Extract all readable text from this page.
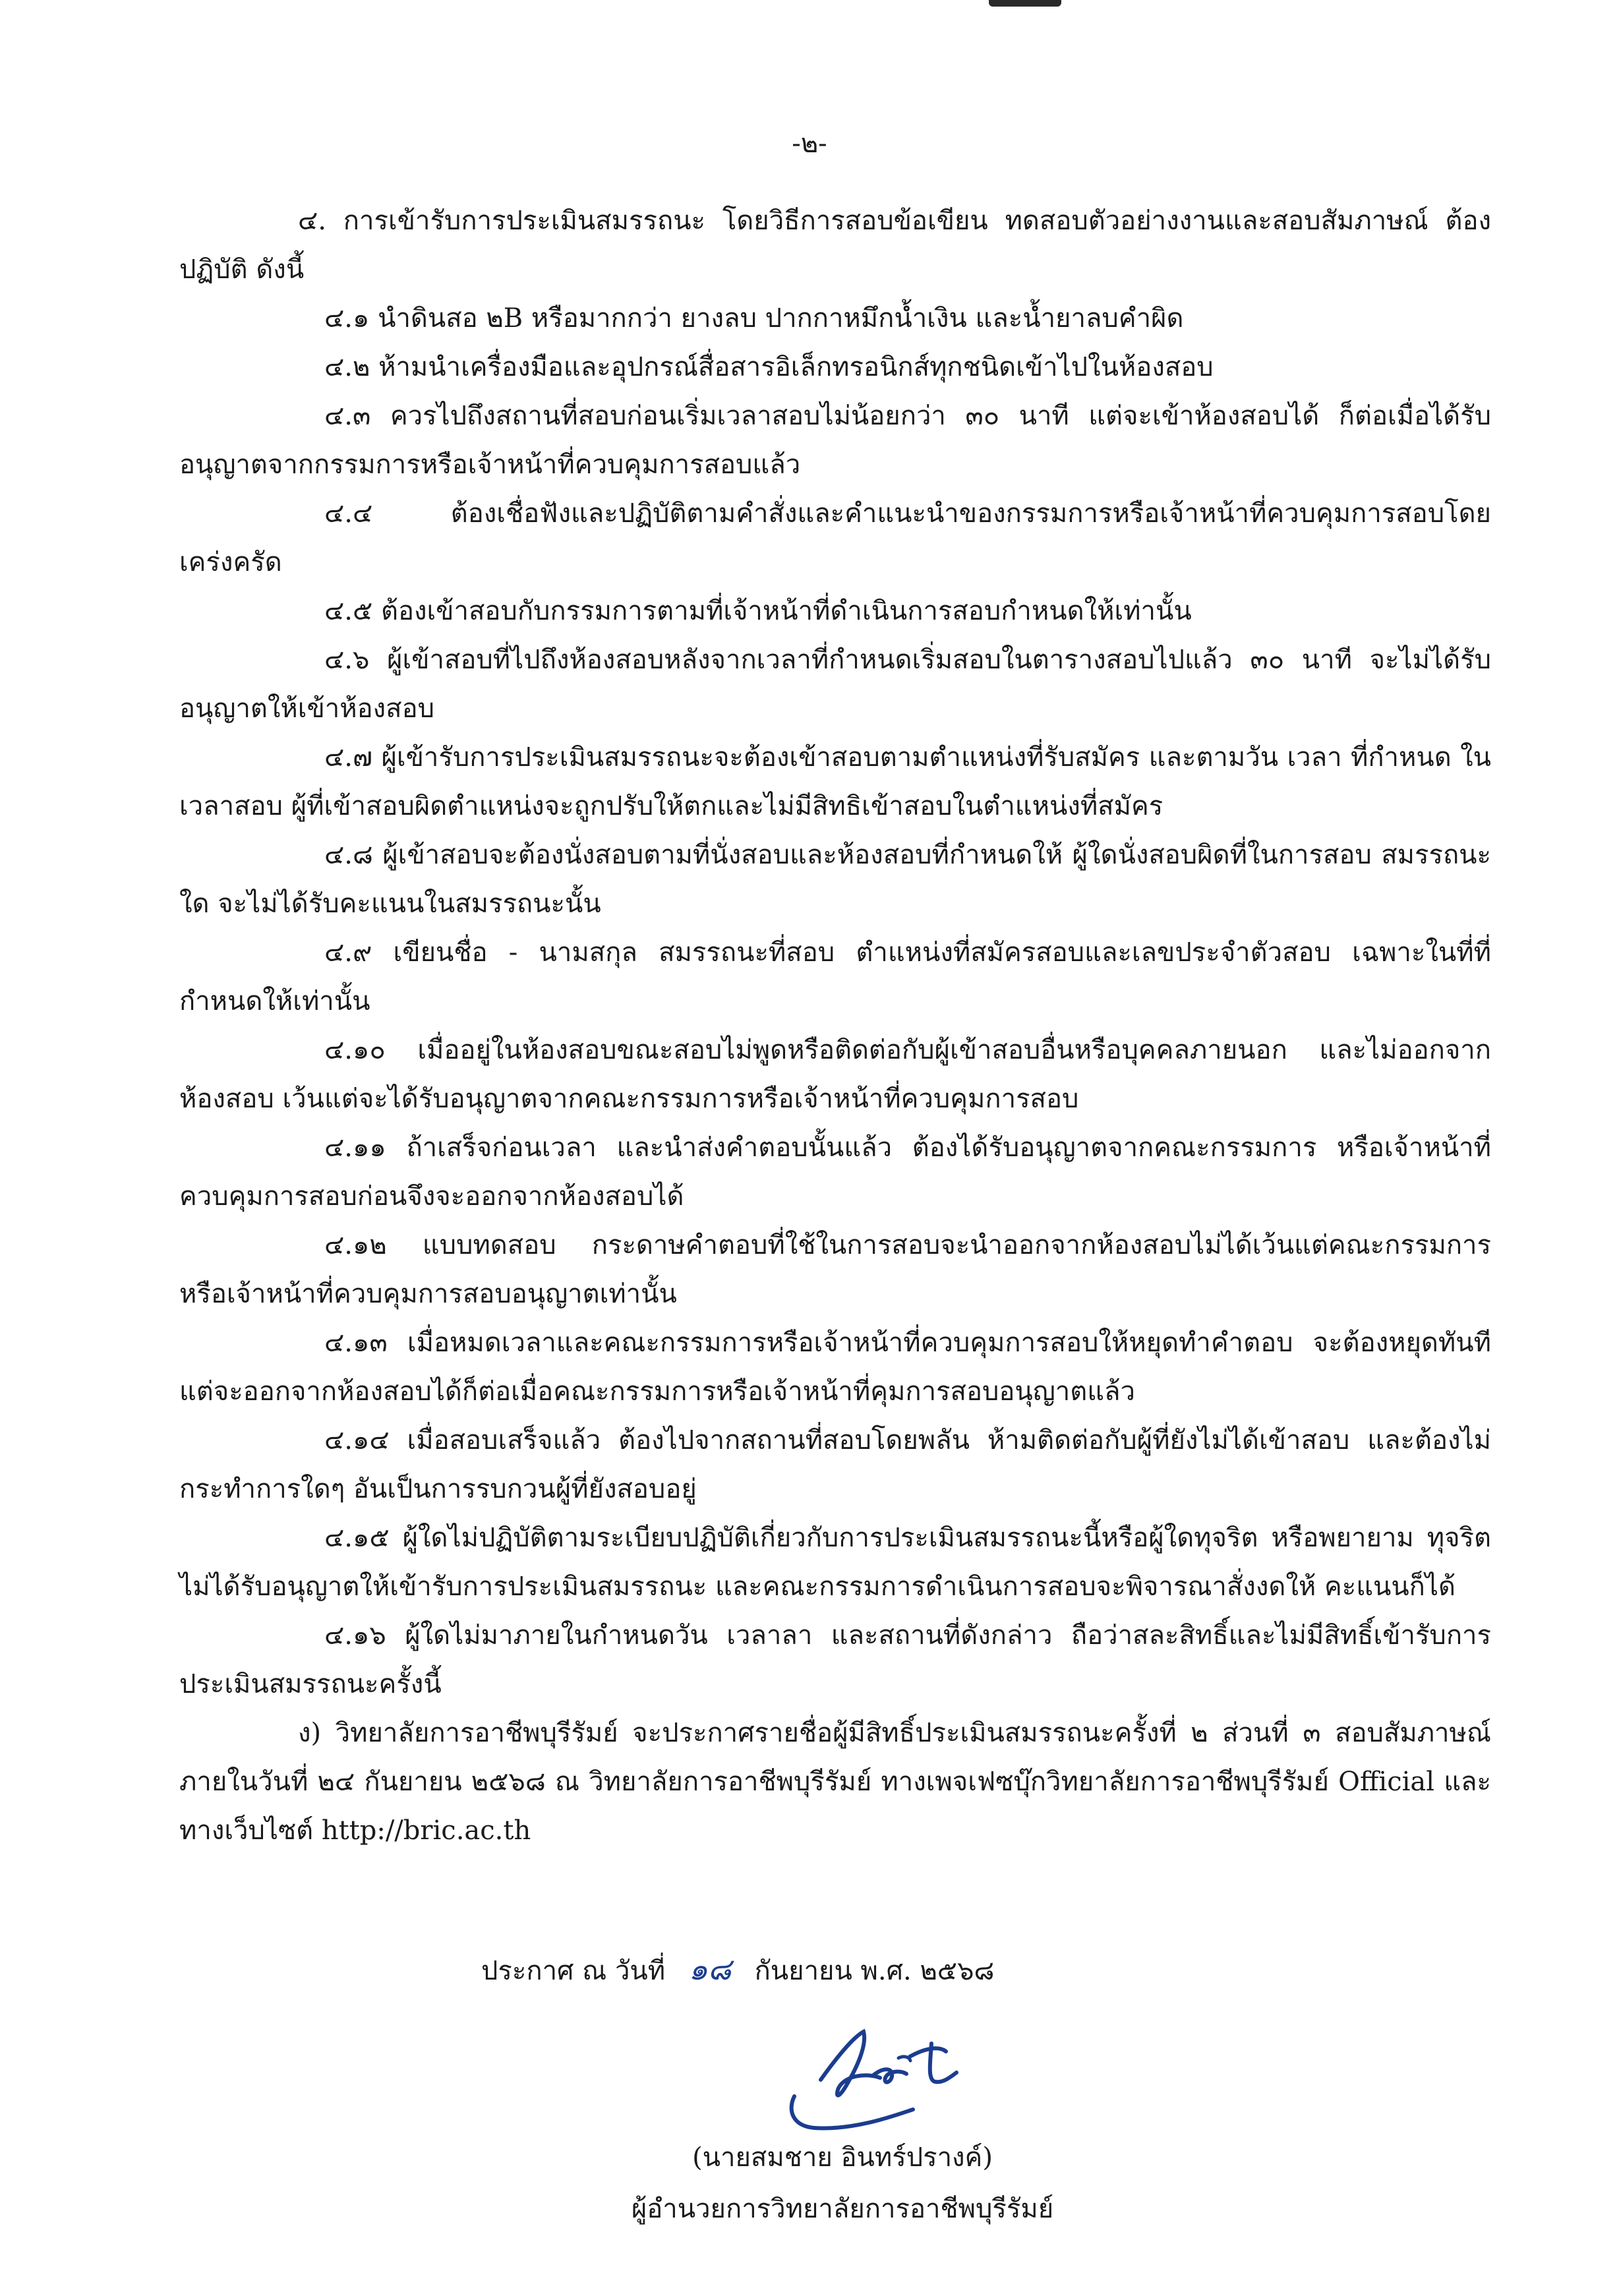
-๒-

๔. การเข้ารับการประเมินสมรรถนะ โดยวิธีการสอบข้อเขียน ทดสอบตัวอย่างงานและสอบสัมภาษณ์ ต้องปฏิบัติ ดังนี้

๔.๑ นำดินสอ ๒B หรือมากกว่า ยางลบ ปากกาหมึกน้ำเงิน และน้ำยาลบคำผิด

๔.๒ ห้ามนำเครื่องมือและอุปกรณ์สื่อสารอิเล็กทรอนิกส์ทุกชนิดเข้าไปในห้องสอบ

๔.๓ ควรไปถึงสถานที่สอบก่อนเริ่มเวลาสอบไม่น้อยกว่า ๓๐ นาที แต่จะเข้าห้องสอบได้ ก็ต่อเมื่อได้รับ อนุญาตจากกรรมการหรือเจ้าหน้าที่ควบคุมการสอบแล้ว

๔.๔ ต้องเชื่อฟังและปฏิบัติตามคำสั่งและคำแนะนำของกรรมการหรือเจ้าหน้าที่ควบคุมการสอบโดย เคร่งครัด

๔.๕ ต้องเข้าสอบกับกรรมการตามที่เจ้าหน้าที่ดำเนินการสอบกำหนดให้เท่านั้น

๔.๖ ผู้เข้าสอบที่ไปถึงห้องสอบหลังจากเวลาที่กำหนดเริ่มสอบในตารางสอบไปแล้ว ๓๐ นาที จะไม่ได้รับ อนุญาตให้เข้าห้องสอบ

๔.๗ ผู้เข้ารับการประเมินสมรรถนะจะต้องเข้าสอบตามตำแหน่งที่รับสมัคร และตามวัน เวลา ที่กำหนด ในเวลาสอบ ผู้ที่เข้าสอบผิดตำแหน่งจะถูกปรับให้ตกและไม่มีสิทธิเข้าสอบในตำแหน่งที่สมัคร

๔.๘ ผู้เข้าสอบจะต้องนั่งสอบตามที่นั่งสอบและห้องสอบที่กำหนดให้ ผู้ใดนั่งสอบผิดที่ในการสอบ สมรรถนะใด จะไม่ได้รับคะแนนในสมรรถนะนั้น

๔.๙ เขียนชื่อ - นามสกุล สมรรถนะที่สอบ ตำแหน่งที่สมัครสอบและเลขประจำตัวสอบ เฉพาะในที่ที่ กำหนดให้เท่านั้น

๔.๑๐ เมื่ออยู่ในห้องสอบขณะสอบไม่พูดหรือติดต่อกับผู้เข้าสอบอื่นหรือบุคคลภายนอก และไม่ออกจาก ห้องสอบ เว้นแต่จะได้รับอนุญาตจากคณะกรรมการหรือเจ้าหน้าที่ควบคุมการสอบ

๔.๑๑ ถ้าเสร็จก่อนเวลา และนำส่งคำตอบนั้นแล้ว ต้องได้รับอนุญาตจากคณะกรรมการ หรือเจ้าหน้าที่ ควบคุมการสอบก่อนจึงจะออกจากห้องสอบได้

๔.๑๒ แบบทดสอบ กระดาษคำตอบที่ใช้ในการสอบจะนำออกจากห้องสอบไม่ได้เว้นแต่คณะกรรมการ หรือเจ้าหน้าที่ควบคุมการสอบอนุญาตเท่านั้น

๔.๑๓ เมื่อหมดเวลาและคณะกรรมการหรือเจ้าหน้าที่ควบคุมการสอบให้หยุดทำคำตอบ จะต้องหยุดทันที แต่จะออกจากห้องสอบได้ก็ต่อเมื่อคณะกรรมการหรือเจ้าหน้าที่คุมการสอบอนุญาตแล้ว

๔.๑๔ เมื่อสอบเสร็จแล้ว ต้องไปจากสถานที่สอบโดยพลัน ห้ามติดต่อกับผู้ที่ยังไม่ได้เข้าสอบ และต้องไม่ กระทำการใดๆ อันเป็นการรบกวนผู้ที่ยังสอบอยู่

๔.๑๕ ผู้ใดไม่ปฏิบัติตามระเบียบปฏิบัติเกี่ยวกับการประเมินสมรรถนะนี้หรือผู้ใดทุจริต หรือพยายาม ทุจริตไม่ได้รับอนุญาตให้เข้ารับการประเมินสมรรถนะ และคณะกรรมการดำเนินการสอบจะพิจารณาสั่งงดให้ คะแนนก็ได้

๔.๑๖ ผู้ใดไม่มาภายในกำหนดวัน เวลาลา และสถานที่ดังกล่าว ถือว่าสละสิทธิ์และไม่มีสิทธิ์เข้ารับการ ประเมินสมรรถนะครั้งนี้

ง) วิทยาลัยการอาชีพบุรีรัมย์ จะประกาศรายชื่อผู้มีสิทธิ์ประเมินสมรรถนะครั้งที่ ๒ ส่วนที่ ๓ สอบสัมภาษณ์ ภายในวันที่ ๒๔ กันยายน ๒๕๖๘ ณ วิทยาลัยการอาชีพบุรีรัมย์ ทางเพจเฟซบุ๊กวิทยาลัยการอาชีพบุรีรัมย์ Official และทางเว็บไซต์ http://bric.ac.th

ประกาศ ณ วันที่ ๑๘ กันยายน พ.ศ. ๒๕๖๘
(นายสมชาย อินทร์ปรางค์)
ผู้อำนวยการวิทยาลัยการอาชีพบุรีรัมย์
